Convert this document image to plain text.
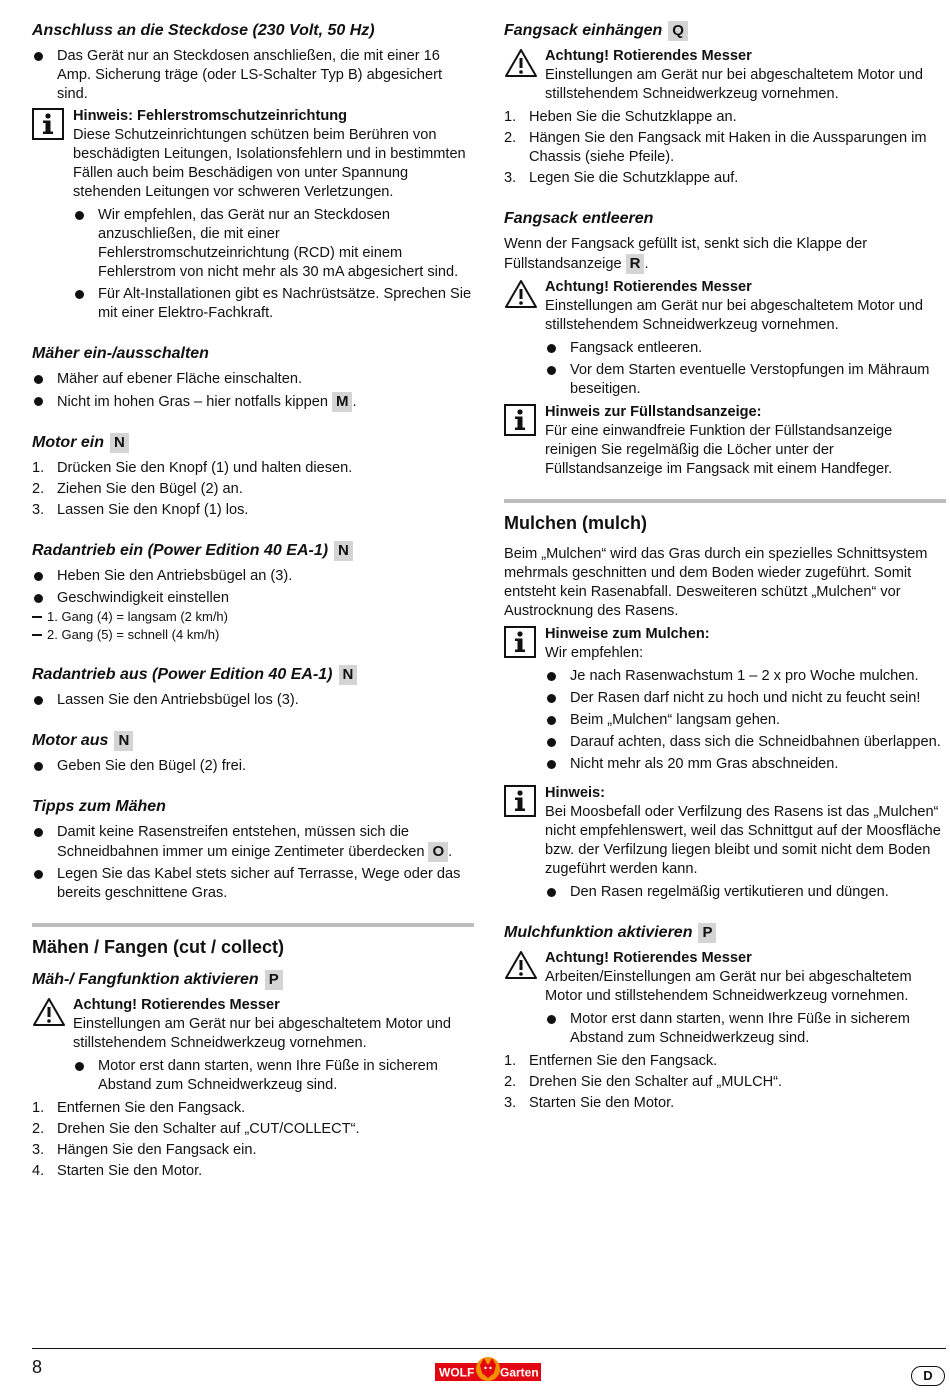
Anschluss an die Steckdose (230 Volt, 50 Hz)
Das Gerät nur an Steckdosen anschließen, die mit einer 16 Amp. Sicherung träge (oder LS-Schalter Typ B) abgesichert sind.
Hinweis: Fehlerstromschutzeinrichtung

Diese Schutzeinrichtungen schützen beim Berühren von beschädigten Leitungen, Isolationsfehlern und in bestimmten Fällen auch beim Beschädigen von unter Spannung stehenden Leitungen vor schweren Verletzungen.

Wir empfehlen, das Gerät nur an Steckdosen anzuschließen, die mit einer Fehlerstromschutzeinrichtung (RCD) mit einem Fehlerstrom von nicht mehr als 30 mA abgesichert sind.
Für Alt-Installationen gibt es Nachrüstsätze. Sprechen Sie mit einer Elektro-Fachkraft.
Mäher ein-/ausschalten
Mäher auf ebener Fläche einschalten.
Nicht im hohen Gras – hier notfalls kippen M .
Motor ein N
1. Drücken Sie den Knopf (1) und halten diesen.
2. Ziehen Sie den Bügel (2) an.
3. Lassen Sie den Knopf (1) los.
Radantrieb ein (Power Edition 40 EA-1) N
Heben Sie den Antriebsbügel an (3).
Geschwindigkeit einstellen
1. Gang (4) = langsam (2 km/h)
2. Gang (5) = schnell (4 km/h)
Radantrieb aus (Power Edition 40 EA-1) N
Lassen Sie den Antriebsbügel los (3).
Motor aus N
Geben Sie den Bügel (2) frei.
Tipps zum Mähen
Damit keine Rasenstreifen entstehen, müssen sich die Schneidbahnen immer um einige Zentimeter überdecken O .
Legen Sie das Kabel stets sicher auf Terrasse, Wege oder das bereits geschnittene Gras.
Mähen / Fangen (cut / collect)
Mäh-/ Fangfunktion aktivieren P
Achtung! Rotierendes Messer

Einstellungen am Gerät nur bei abgeschaltetem Motor und stillstehendem Schneidwerkzeug vornehmen.

Motor erst dann starten, wenn Ihre Füße in sicherem Abstand zum Schneidwerkzeug sind.
1. Entfernen Sie den Fangsack.
2. Drehen Sie den Schalter auf „CUT/COLLECT“.
3. Hängen Sie den Fangsack ein.
4. Starten Sie den Motor.
Fangsack einhängen Q
Achtung! Rotierendes Messer

Einstellungen am Gerät nur bei abgeschaltetem Motor und stillstehendem Schneidwerkzeug vornehmen.

1. Heben Sie die Schutzklappe an.
2. Hängen Sie den Fangsack mit Haken in die Aussparungen im Chassis (siehe Pfeile).
3. Legen Sie die Schutzklappe auf.
Fangsack entleeren

Wenn der Fangsack gefüllt ist, senkt sich die Klappe der Füllstandsanzeige R .

Achtung! Rotierendes Messer

Einstellungen am Gerät nur bei abgeschaltetem Motor und stillstehendem Schneidwerkzeug vornehmen.

Fangsack entleeren.
Vor dem Starten eventuelle Verstopfungen im Mähraum beseitigen.
Hinweis zur Füllstandsanzeige:

Für eine einwandfreie Funktion der Füllstandsanzeige reinigen Sie regelmäßig die Löcher unter der Füllstandsanzeige im Fangsack mit einem Handfeger.

Mulchen (mulch)

Beim „Mulchen“ wird das Gras durch ein spezielles Schnittsystem mehrmals geschnitten und dem Boden wieder zugeführt. Somit entsteht kein Rasenabfall. Desweiteren schützt „Mulchen“ vor Austrocknung des Rasens.

Hinweise zum Mulchen:

Wir empfehlen:

Je nach Rasenwachstum 1 – 2 x pro Woche mulchen.
Der Rasen darf nicht zu hoch und nicht zu feucht sein!
Beim „Mulchen“ langsam gehen.
Darauf achten, dass sich die Schneidbahnen überlappen.
Nicht mehr als 20 mm Gras abschneiden.
Hinweis:

Bei Moosbefall oder Verfilzung des Rasens ist das „Mulchen“ nicht empfehlenswert, weil das Schnittgut auf der Moosfläche bzw. der Verfilzung liegen bleibt und somit nicht dem Boden zugeführt werden kann.

Den Rasen regelmäßig vertikutieren und düngen.
Mulchfunktion aktivieren P
Achtung! Rotierendes Messer

Arbeiten/Einstellungen am Gerät nur bei abgeschaltetem Motor und stillstehendem Schneidwerkzeug vornehmen.

Motor erst dann starten, wenn Ihre Füße in sicherem Abstand zum Schneidwerkzeug sind.
1. Entfernen Sie den Fangsack.
2. Drehen Sie den Schalter auf „MULCH“.
3. Starten Sie den Motor.
8	WOLF Garten	D
